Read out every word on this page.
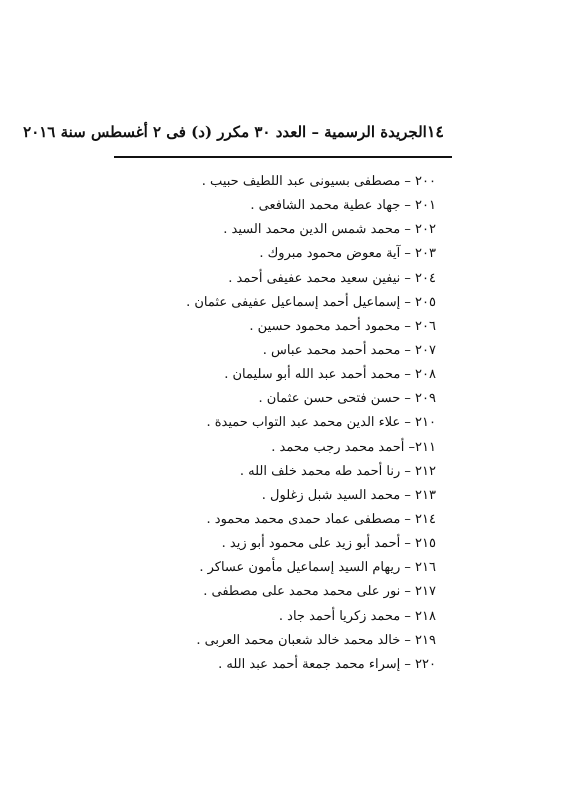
١٤
الجريدة الرسمية – العدد ٣٠ مكرر (د) فى ٢ أغسطس سنة ٢٠١٦
٢٠٠ – مصطفى بسيونى عبد اللطيف حبيب .
٢٠١ – جهاد عطية محمد الشافعى .
٢٠٢ – محمد شمس الدين محمد السيد .
٢٠٣ – آية معوض محمود مبروك .
٢٠٤ – نيفين سعيد محمد عفيفى أحمد .
٢٠٥ – إسماعيل أحمد إسماعيل عفيفى عثمان .
٢٠٦ – محمود أحمد محمود حسين .
٢٠٧ – محمد أحمد محمد عباس .
٢٠٨ – محمد أحمد عبد الله أبو سليمان .
٢٠٩ – حسن فتحى حسن عثمان .
٢١٠ – علاء الدين محمد عبد التواب حميدة .
٢١١– أحمد محمد رجب محمد .
٢١٢ – رنا أحمد طه محمد خلف الله .
٢١٣ – محمد السيد شبل زغلول .
٢١٤ – مصطفى عماد حمدى محمد محمود .
٢١٥ – أحمد أبو زيد على محمود أبو زيد .
٢١٦ – ريهام السيد إسماعيل مأمون عساكر .
٢١٧ – نور على محمد محمد على مصطفى .
٢١٨ – محمد زكريا أحمد جاد .
٢١٩ – خالد محمد خالد شعبان محمد العربى .
٢٢٠ – إسراء محمد جمعة أحمد عبد الله .
